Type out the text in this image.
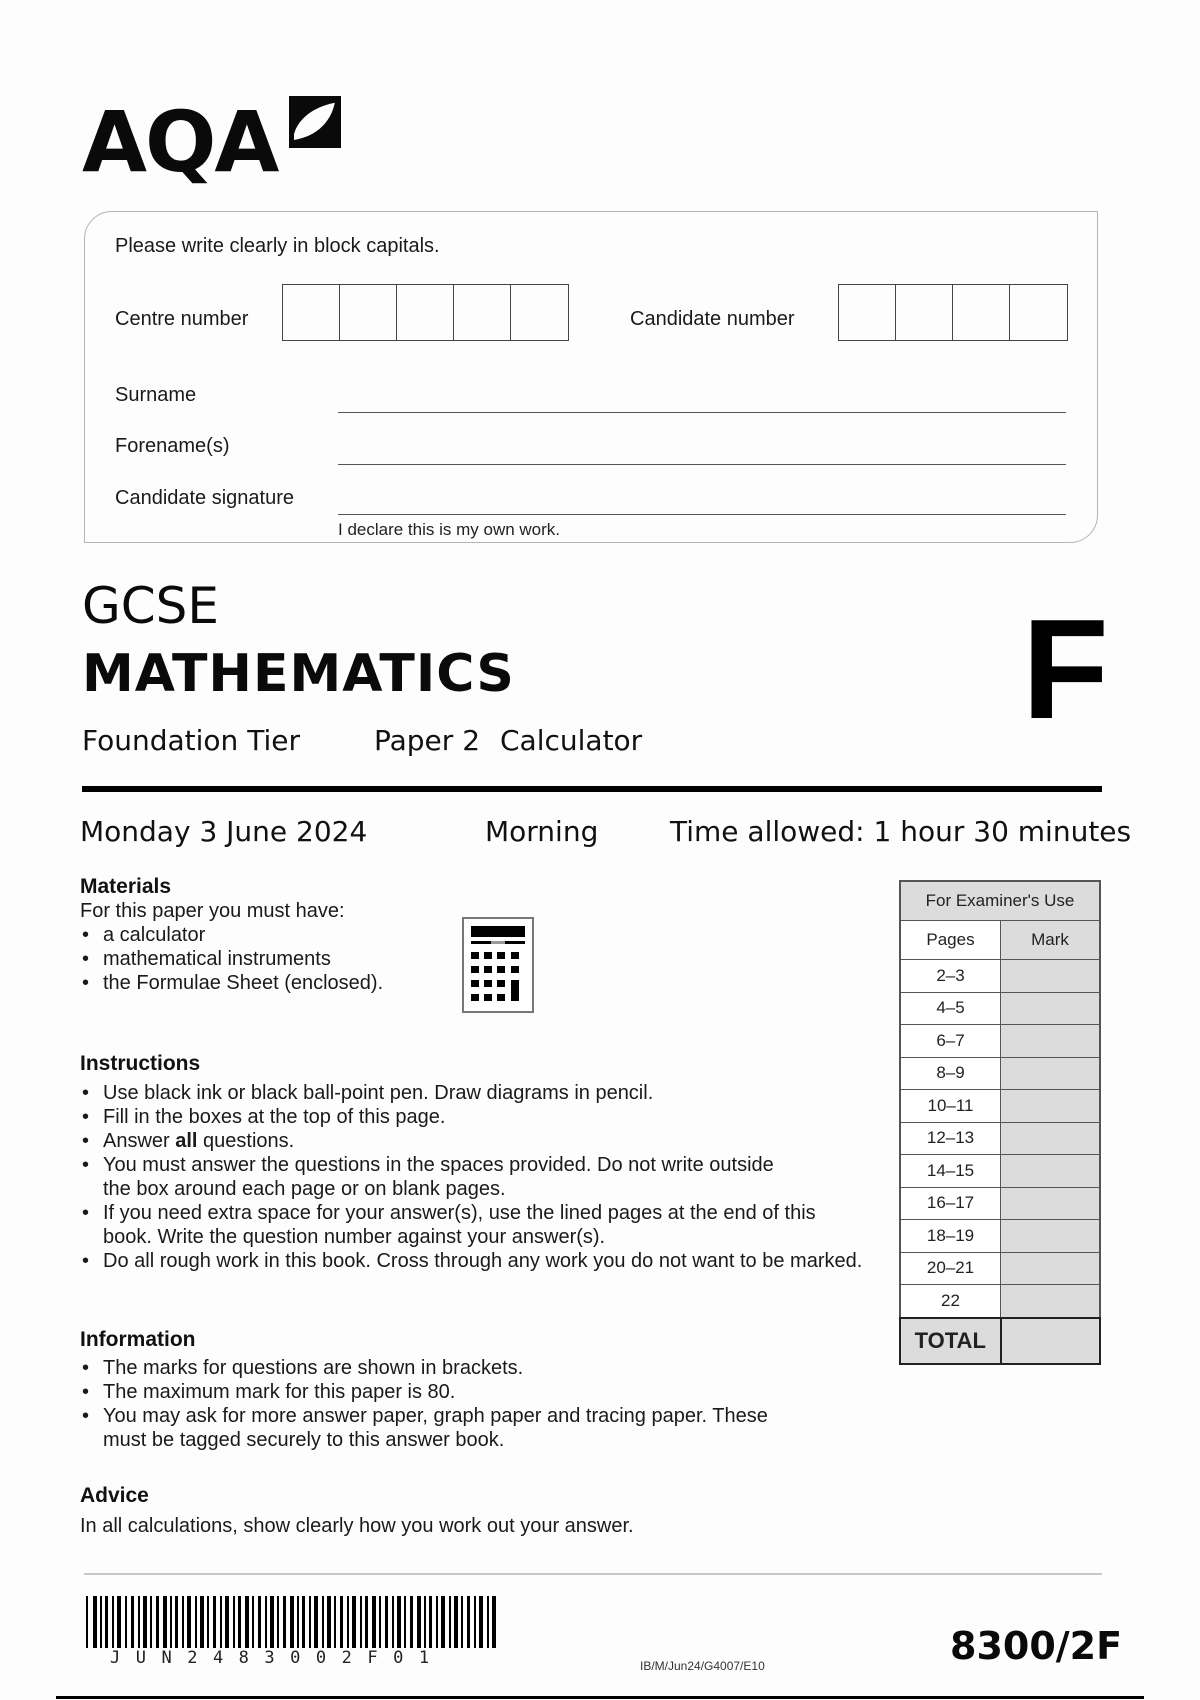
AQA
Please write clearly in block capitals.
Centre number	Candidate number
Surname
Forename(s)
Candidate signature
I declare this is my own work.
GCSE
MATHEMATICS
Foundation Tier	Paper 2 Calculator	F
Monday 3 June 2024	Morning	Time allowed: 1 hour 30 minutes
Materials
For this paper you must have:
• a calculator
• mathematical instruments
• the Formulae Sheet (enclosed).
Instructions
• Use black ink or black ball-point pen. Draw diagrams in pencil.
• Fill in the boxes at the top of this page.
• Answer all questions.
• You must answer the questions in the spaces provided. Do not write outside the box around each page or on blank pages.
• If you need extra space for your answer(s), use the lined pages at the end of this book. Write the question number against your answer(s).
• Do all rough work in this book. Cross through any work you do not want to be marked.
Information
• The marks for questions are shown in brackets.
• The maximum mark for this paper is 80.
• You may ask for more answer paper, graph paper and tracing paper. These must be tagged securely to this answer book.
Advice
In all calculations, show clearly how you work out your answer.
For Examiner's Use	
Pages	Mark
2–3	
4–5	
6–7	
8–9	
10–11	
12–13	
14–15	
16–17	
18–19	
20–21	
22	
TOTAL	
JUN2483002F01	IB/M/Jun24/G4007/E10	8300/2F
